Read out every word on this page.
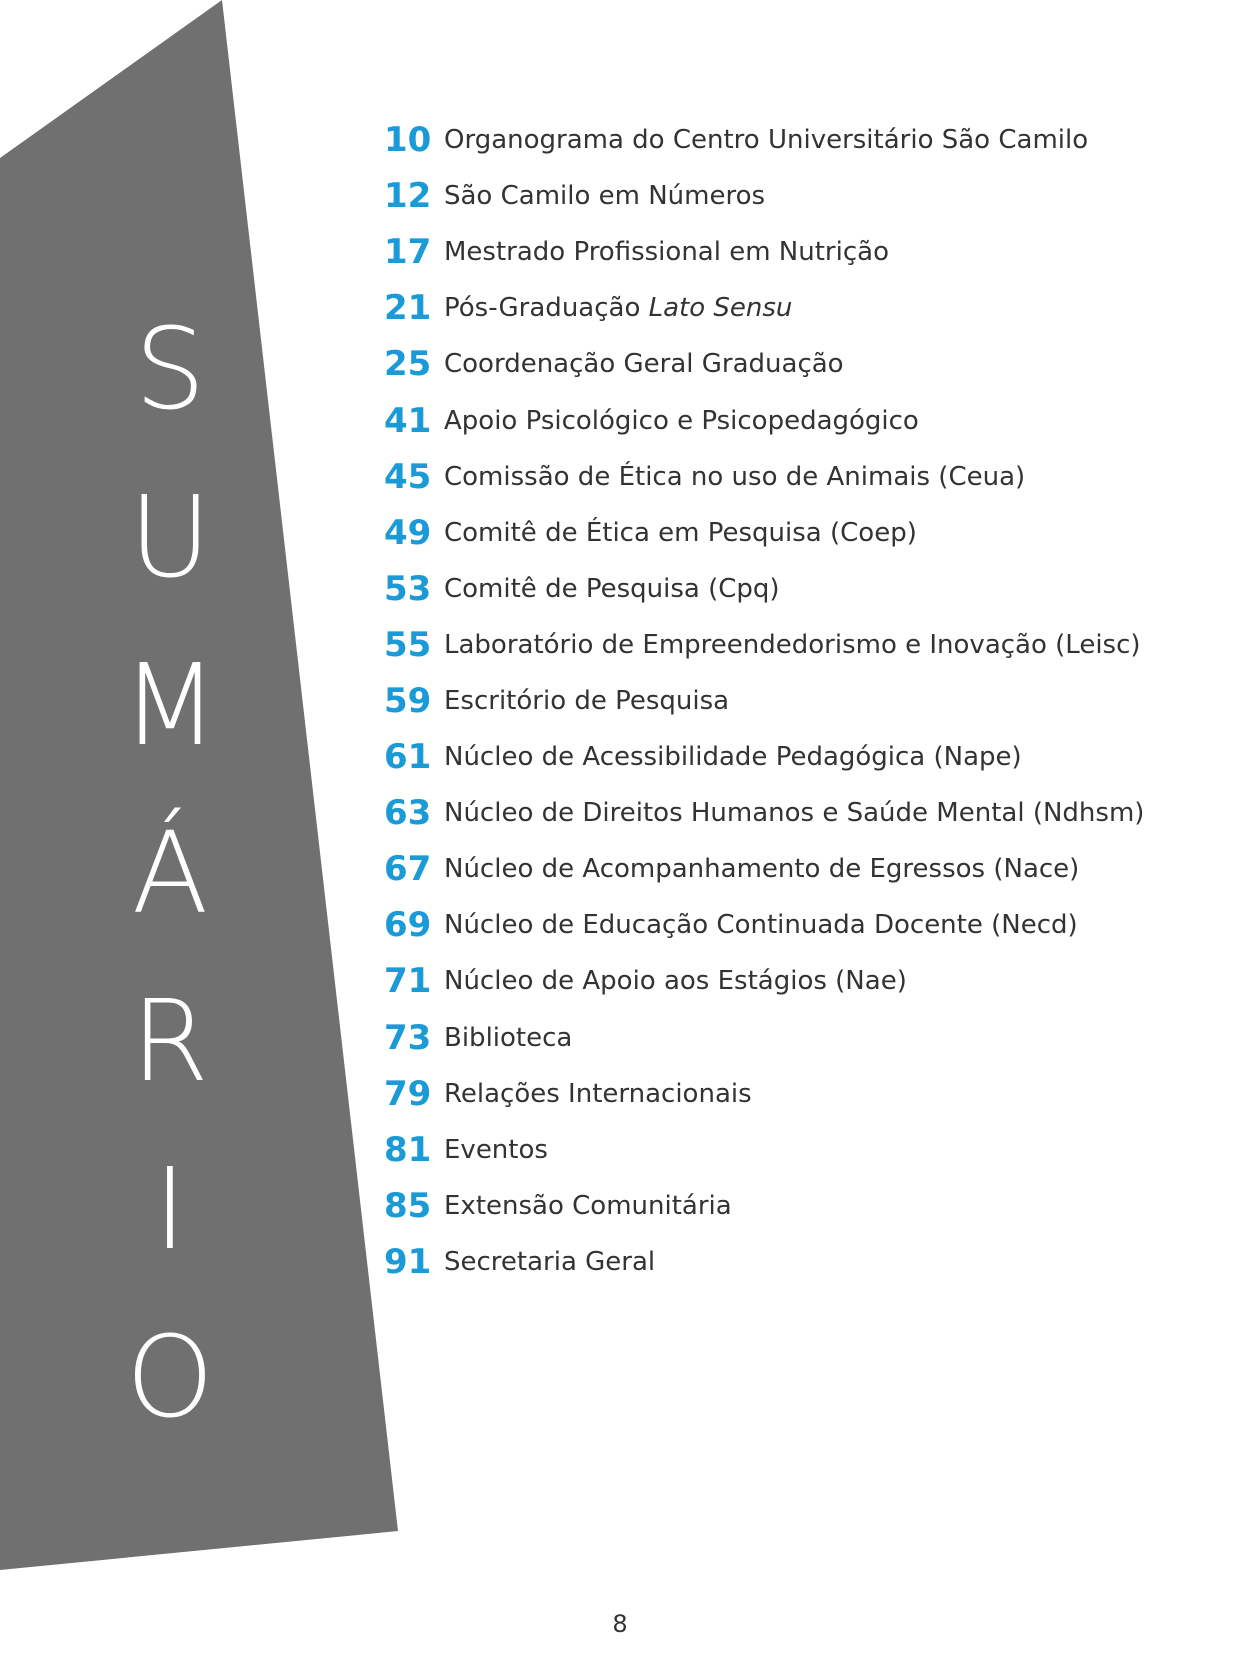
S
U
M
Á
R
I
O
10 Organograma do Centro Universitário São Camilo
12 São Camilo em Números
17 Mestrado Profissional em Nutrição
21 Pós-Graduação Lato Sensu
25 Coordenação Geral Graduação
41 Apoio Psicológico e Psicopedagógico
45 Comissão de Ética no uso de Animais (Ceua)
49 Comitê de Ética em Pesquisa (Coep)
53 Comitê de Pesquisa (Cpq)
55 Laboratório de Empreendedorismo e Inovação (Leisc)
59 Escritório de Pesquisa
61 Núcleo de Acessibilidade Pedagógica (Nape)
63 Núcleo de Direitos Humanos e Saúde Mental (Ndhsm)
67 Núcleo de Acompanhamento de Egressos (Nace)
69 Núcleo de Educação Continuada Docente (Necd)
71 Núcleo de Apoio aos Estágios (Nae)
73 Biblioteca
79 Relações Internacionais
81 Eventos
85 Extensão Comunitária
91 Secretaria Geral
8
